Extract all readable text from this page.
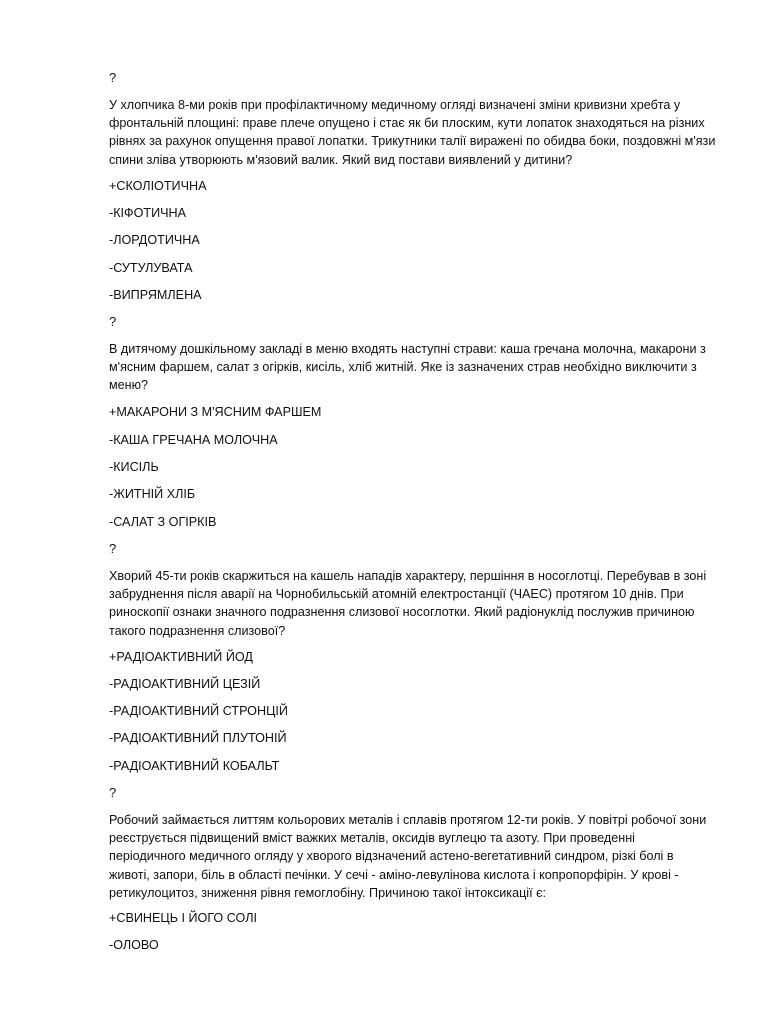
?
У хлопчика 8-ми років при профілактичному медичному огляді визначені зміни кривизни хребта у фронтальній площині: праве плече опущено і стає як би плоским, кути лопаток знаходяться на різних рівнях за рахунок опущення правої лопатки. Трикутники талії виражені по обидва боки, поздовжні м'язи спини зліва утворюють м'язовий валик. Який вид постави виявлений у дитини?
+СКОЛІОТИЧНА
-КІФОТИЧНА
-ЛОРДОТИЧНА
-СУТУЛУВАТА
-ВИПРЯМЛЕНА
?
В дитячому дошкільному закладі в меню входять наступні страви: каша гречана молочна, макарони з м'ясним фаршем, салат з огірків, кисіль, хліб житній. Яке із зазначених страв необхідно виключити з меню?
+МАКАРОНИ З М'ЯСНИМ ФАРШЕМ
-КАША ГРЕЧАНА МОЛОЧНА
-КИСІЛЬ
-ЖИТНІЙ ХЛІБ
-САЛАТ З ОГІРКІВ
?
Хворий 45-ти років скаржиться на кашель нападів характеру, першіння в носоглотці. Перебував в зоні забруднення після аварії на Чорнобильській атомній електростанції (ЧАЕС) протягом 10 днів. При риноскопії ознаки значного подразнення слизової носоглотки. Який радіонуклід послужив причиною такого подразнення слизової?
+РАДІОАКТИВНИЙ ЙОД
-РАДІОАКТИВНИЙ ЦЕЗІЙ
-РАДІОАКТИВНИЙ СТРОНЦІЙ
-РАДІОАКТИВНИЙ ПЛУТОНІЙ
-РАДІОАКТИВНИЙ КОБАЛЬТ
?
Робочий займається литтям кольорових металів і сплавів протягом 12-ти років. У повітрі робочої зони реєструється підвищений вміст важких металів, оксидів вуглецю та азоту. При проведенні періодичного медичного огляду у хворого відзначений астено-вегетативний синдром, різкі болі в животі, запори, біль в області печінки. У сечі - аміно-левулінова кислота і копропорфірін. У крові - ретикулоцитоз, зниження рівня гемоглобіну. Причиною такої інтоксикації є:
+СВИНЕЦЬ І ЙОГО СОЛІ
-ОЛОВО
